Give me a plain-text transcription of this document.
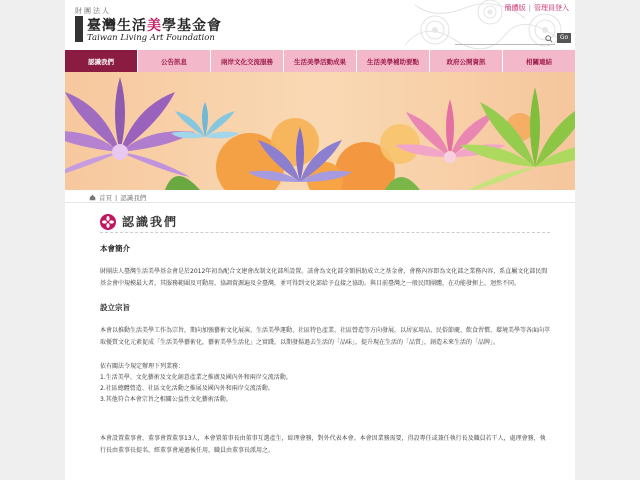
財團法人
臺灣生活美學基金會
Taiwan Living Art Foundation
簡體版 | 管理員登入
Go
認識我們	公告訊息	兩岸文化交流服務	生活美學活動成果	生活美學補助要點	政府公開資訊	相關連結
首頁 | 認識我們
認識我們
本會簡介

財團法人臺灣生活美學基金會是於2012年初為配合文建會改制文化部所設置。該會為文化部全額捐助成立之基金會，會務內容即為文化部之業務內容，系直屬文化部民間基金會中規模最大者，其服務範圍及可動用、協調資源遍及全臺灣，並可得到文化部給予直接之協助。與目前臺灣之一般民間團體，在功能發揮上，迥然不同。

設立宗旨

本會以推動生活美學工作為宗旨，期向加強藝術文化展演、生活美學運動、社區特色產業、社區營造等方向發展，以居家用品、民俗節慶、飲食習慣、環境美學等各面向萃取優質文化元素促成「生活美學藝術化，藝術美學生活化」之實踐，以期發揚過去生活的「品味」，提升現在生活的「品質」，創造未來生活的「品牌」。

依有關法令規定辦理下列業務：

1.生活美學、文化藝術及文化創意產業之推廣及國內外和兩岸交流活動。
2.社區總體營造、社區文化活動之推展及國內外和兩岸交流活動。
3.其他符合本會宗旨之相關公益性文化藝術活動。

本會設置董事會，董事會置董事13人，本會置董事長由董事互選產生，綜理會務，對外代表本會。本會因業務需要，得設專任或兼任執行長及職員若干人，處理會務，執行長由董事長提名，經董事會通過後任用，職員由董事長派用之。
